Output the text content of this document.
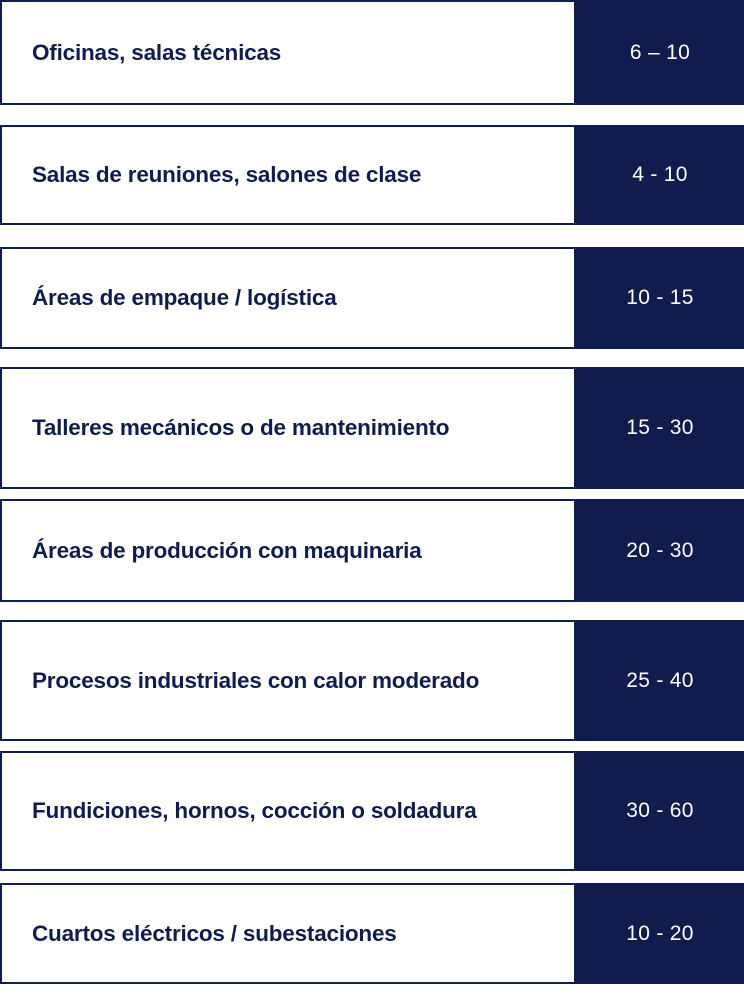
Oficinas, salas técnicas	6 – 10
Salas de reuniones, salones de clase	4 - 10
Áreas de empaque / logística	10 - 15
Talleres mecánicos o de mantenimiento	15 - 30
Áreas de producción con maquinaria	20 - 30
Procesos industriales con calor moderado	25 - 40
Fundiciones, hornos, cocción o soldadura	30 - 60
Cuartos eléctricos / subestaciones	10 - 20
